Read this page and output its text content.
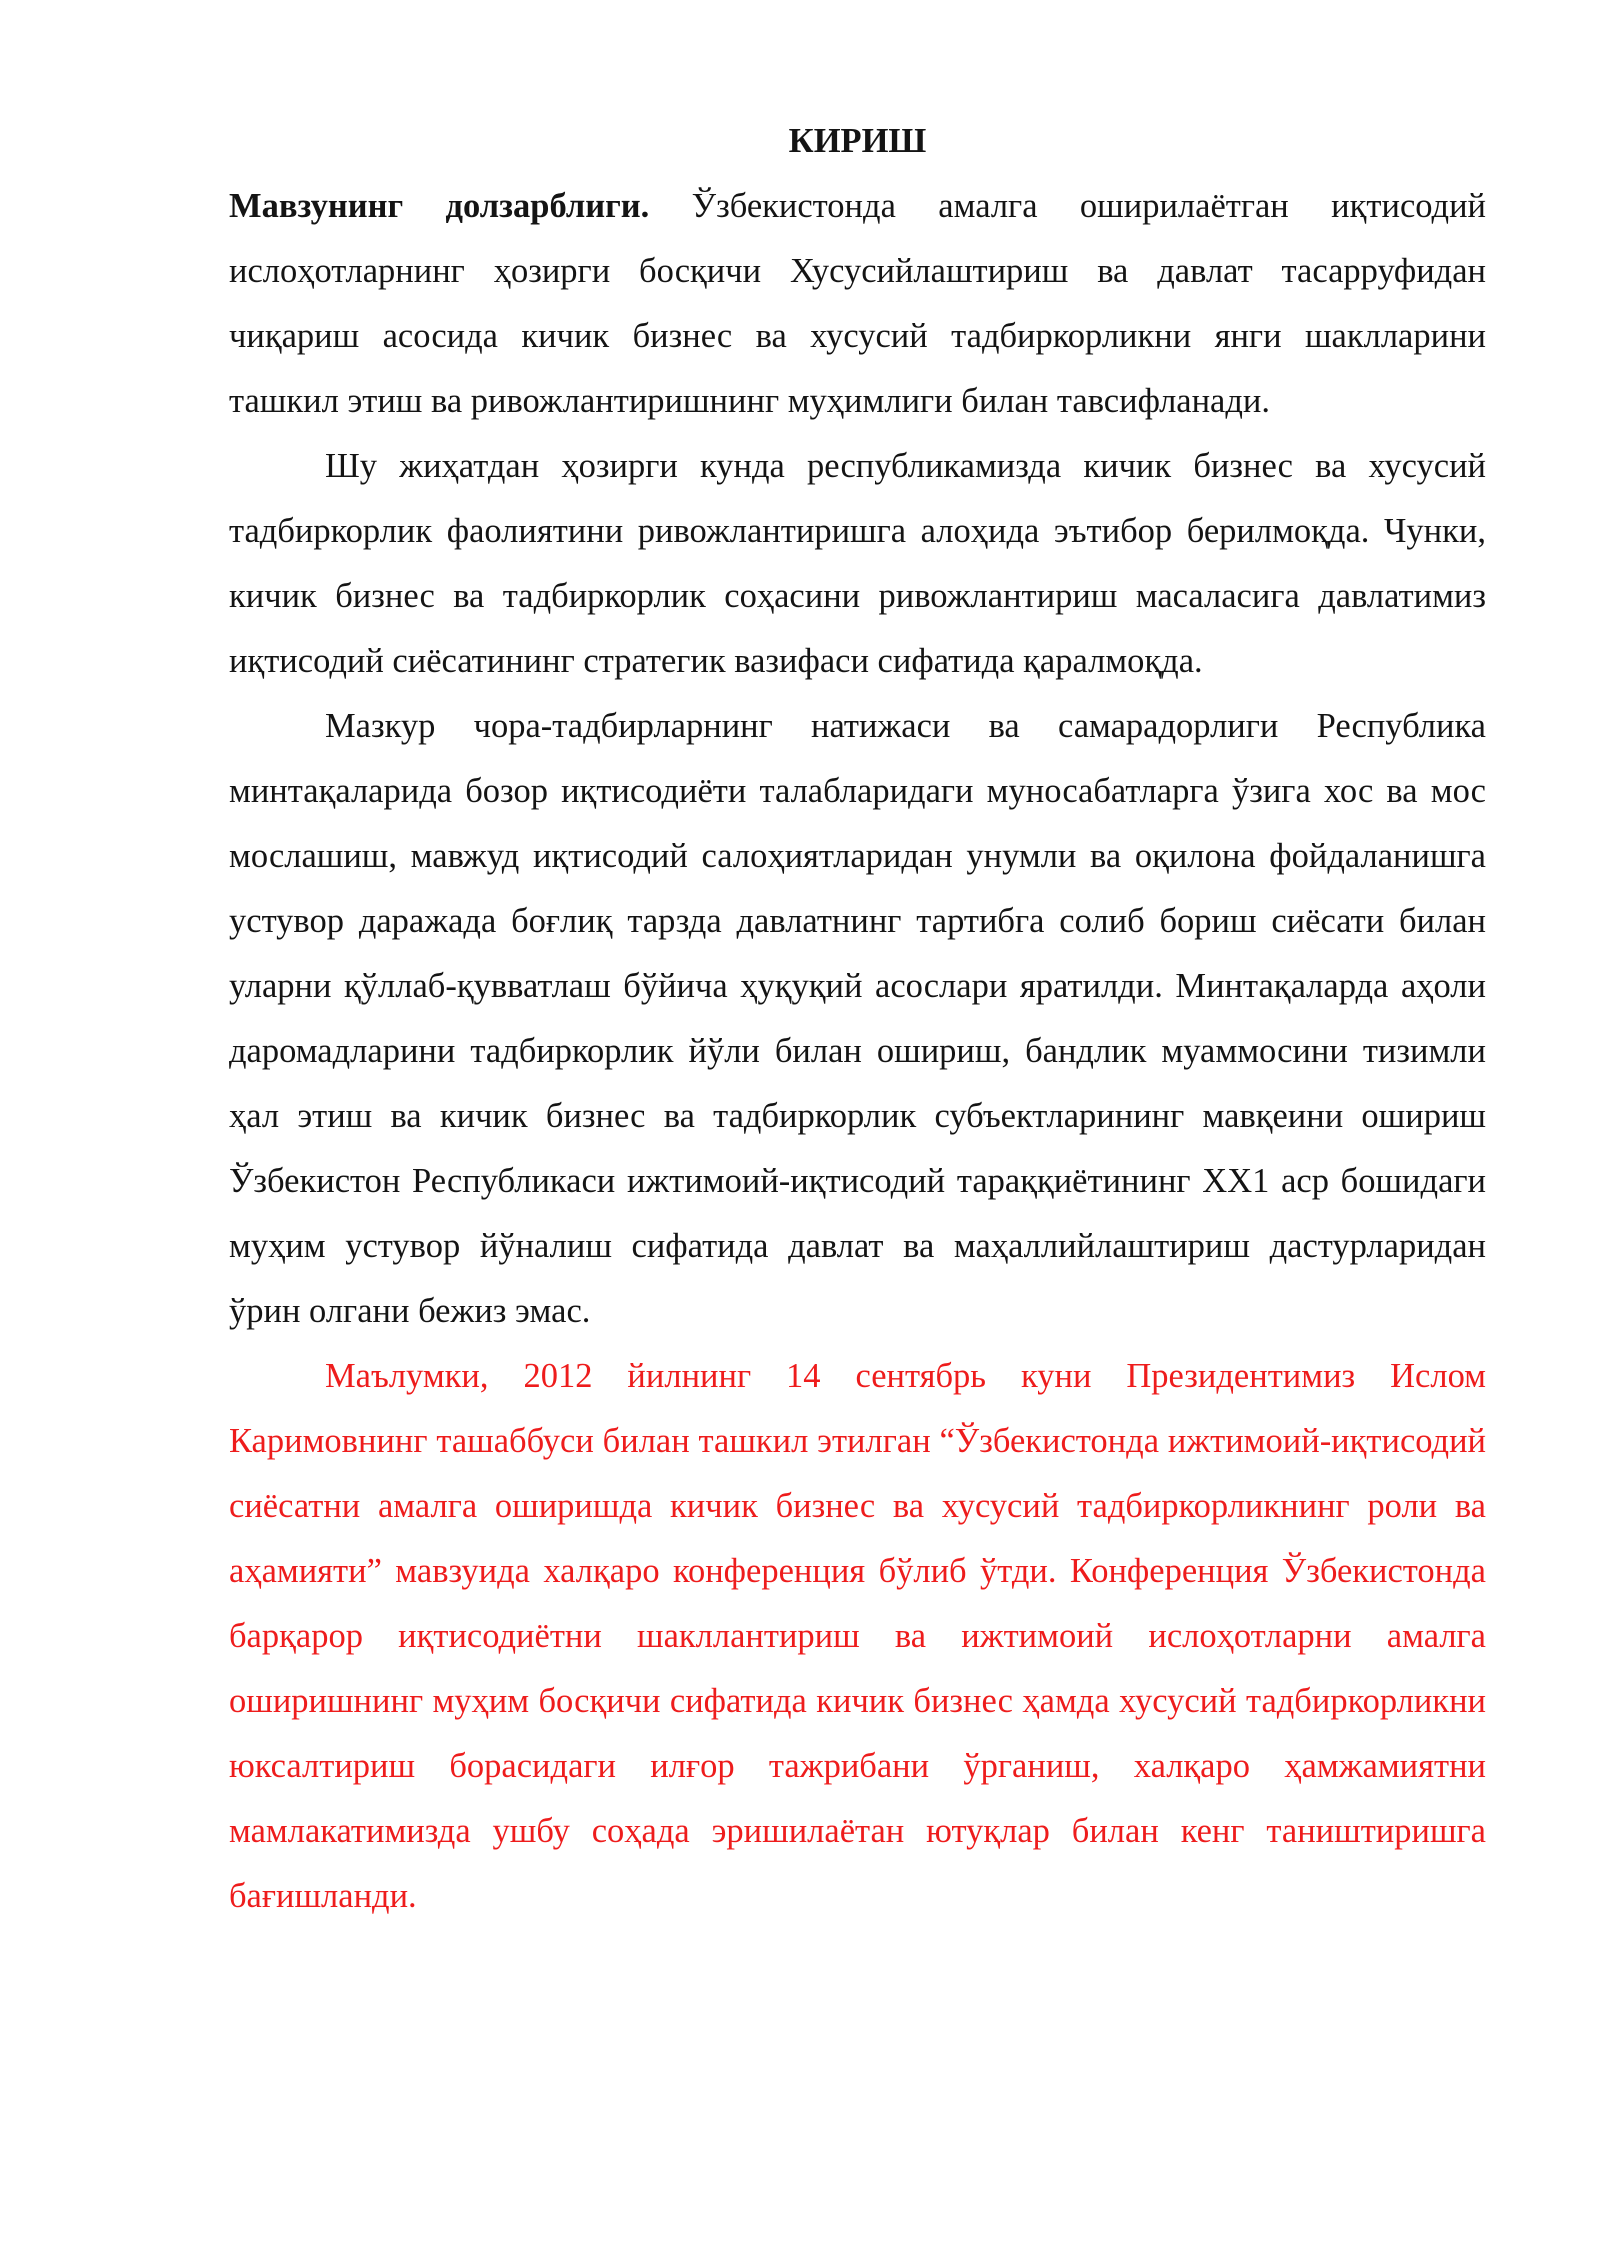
КИРИШ

Мавзунинг долзарблиги. Ўзбекистонда амалга оширилаётган иқтисодий ислоҳотларнинг ҳозирги босқичи Хусусийлаштириш ва давлат тасарруфидан чиқариш асосида кичик бизнес ва хусусий тадбиркорликни янги шаклларини ташкил этиш ва ривожлантиришнинг муҳимлиги билан тавсифланади.

Шу жиҳатдан ҳозирги кунда республикамизда кичик бизнес ва хусусий тадбиркорлик фаолиятини ривожлантиришга алоҳида эътибор берилмоқда. Чунки, кичик бизнес ва тадбиркорлик соҳасини ривожлантириш масаласига давлатимиз иқтисодий сиёсатининг стратегик вазифаси сифатида қаралмоқда.

Мазкур чора-тадбирларнинг натижаси ва самарадорлиги Республика минтақаларида бозор иқтисодиёти талабларидаги муносабатларга ўзига хос ва мос мослашиш, мавжуд иқтисодий салоҳиятларидан унумли ва оқилона фойдаланишга устувор даражада боғлиқ тарзда давлатнинг тартибга солиб бориш сиёсати билан уларни қўллаб-қувватлаш бўйича ҳуқуқий асослари яратилди. Минтақаларда аҳоли даромадларини тадбиркорлик йўли билан ошириш, бандлик муаммосини тизимли ҳал этиш ва кичик бизнес ва тадбиркорлик субъектларининг мавқеини ошириш Ўзбекистон Республикаси ижтимоий-иқтисодий тараққиётининг XX1 аср бошидаги муҳим устувор йўналиш сифатида давлат ва маҳаллийлаштириш дастурларидан ўрин олгани бежиз эмас.

Маълумки, 2012 йилнинг 14 сентябрь куни Президентимиз Ислом Каримовнинг ташаббуси билан ташкил этилган “Ўзбекистонда ижтимоий-иқтисодий сиёсатни амалга оширишда кичик бизнес ва хусусий тадбиркорликнинг роли ва аҳамияти” мавзуида халқаро конференция бўлиб ўтди. Конференция Ўзбекистонда барқарор иқтисодиётни шакллантириш ва ижтимоий ислоҳотларни амалга оширишнинг муҳим босқичи сифатида кичик бизнес ҳамда хусусий тадбиркорликни юксалтириш борасидаги илғор тажрибани ўрганиш, халқаро ҳамжамиятни мамлакатимизда ушбу соҳада эришилаётан ютуқлар билан кенг таништиришга бағишланди.
